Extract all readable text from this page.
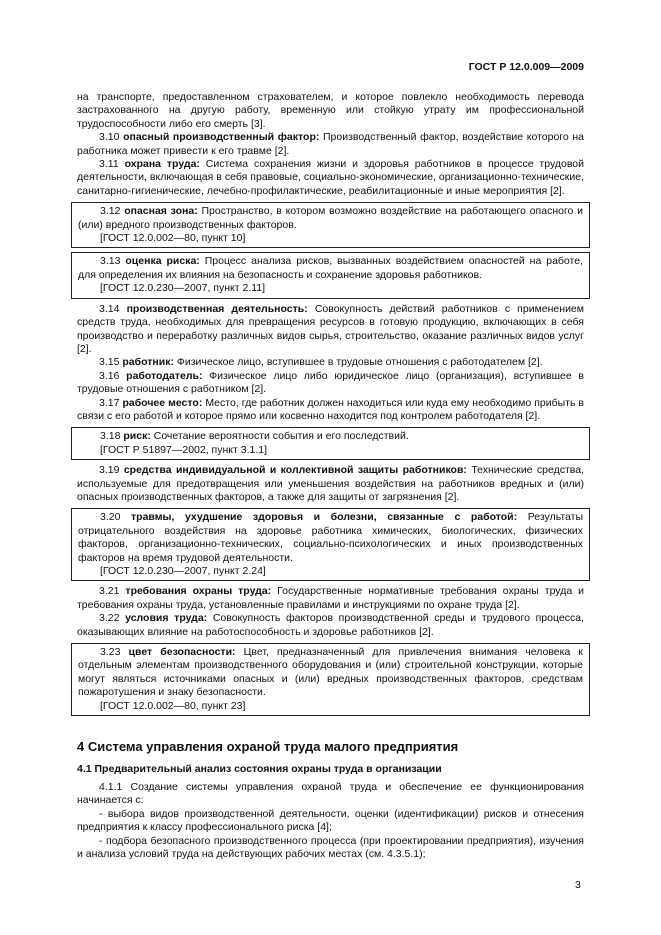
ГОСТ Р 12.0.009—2009

на транспорте, предоставленном страхователем, и которое повлекло необходимость перевода застрахованного на другую работу, временную или стойкую утрату им профессиональной трудоспособности либо его смерть [3].

3.10 опасный производственный фактор: Производственный фактор, воздействие которого на работника может привести к его травме [2].

3.11 охрана труда: Система сохранения жизни и здоровья работников в процессе трудовой деятельности, включающая в себя правовые, социально-экономические, организационно-технические, санитарно-гигиенические, лечебно-профилактические, реабилитационные и иные мероприятия [2].

3.12 опасная зона: Пространство, в котором возможно воздействие на работающего опасного и (или) вредного производственных факторов.

[ГОСТ 12.0.002—80, пункт 10]

3.13 оценка риска: Процесс анализа рисков, вызванных воздействием опасностей на работе, для определения их влияния на безопасность и сохранение здоровья работников.

[ГОСТ 12.0.230—2007, пункт 2.11]

3.14 производственная деятельность: Совокупность действий работников с применением средств труда, необходимых для превращения ресурсов в готовую продукцию, включающих в себя производство и переработку различных видов сырья, строительство, оказание различных видов услуг [2].

3.15 работник: Физическое лицо, вступившее в трудовые отношения с работодателем [2].

3.16 работодатель: Физическое лицо либо юридическое лицо (организация), вступившее в трудовые отношения с работником [2].

3.17 рабочее место: Место, где работник должен находиться или куда ему необходимо прибыть в связи с его работой и которое прямо или косвенно находится под контролем работодателя [2].

3.18 риск: Сочетание вероятности события и его последствий.

[ГОСТ Р 51897—2002, пункт 3.1.1]

3.19 средства индивидуальной и коллективной защиты работников: Технические средства, используемые для предотвращения или уменьшения воздействия на работников вредных и (или) опасных производственных факторов, а также для защиты от загрязнения [2].

3.20 травмы, ухудшение здоровья и болезни, связанные с работой: Результаты отрицательного воздействия на здоровье работника химических, биологических, физических факторов, организационно-технических, социально-психологических и иных производственных факторов на время трудовой деятельности.

[ГОСТ 12.0.230—2007, пункт 2.24]

3.21 требования охраны труда: Государственные нормативные требования охраны труда и требования охраны труда, установленные правилами и инструкциями по охране труда [2].

3.22 условия труда: Совокупность факторов производственной среды и трудового процесса, оказывающих влияние на работоспособность и здоровье работников [2].

3.23 цвет безопасности: Цвет, предназначенный для привлечения внимания человека к отдельным элементам производственного оборудования и (или) строительной конструкции, которые могут являться источниками опасных и (или) вредных производственных факторов, средствам пожаротушения и знаку безопасности.

[ГОСТ 12.0.002—80, пункт 23]

4 Система управления охраной труда малого предприятия
4.1 Предварительный анализ состояния охраны труда в организации

4.1.1 Создание системы управления охраной труда и обеспечение ее функционирования начинается с:

- выбора видов производственной деятельности, оценки (идентификации) рисков и отнесения предприятия к классу профессионального риска [4];

- подбора безопасного производственного процесса (при проектировании предприятия), изучения и анализа условий труда на действующих рабочих местах (см. 4.3.5.1);

3
